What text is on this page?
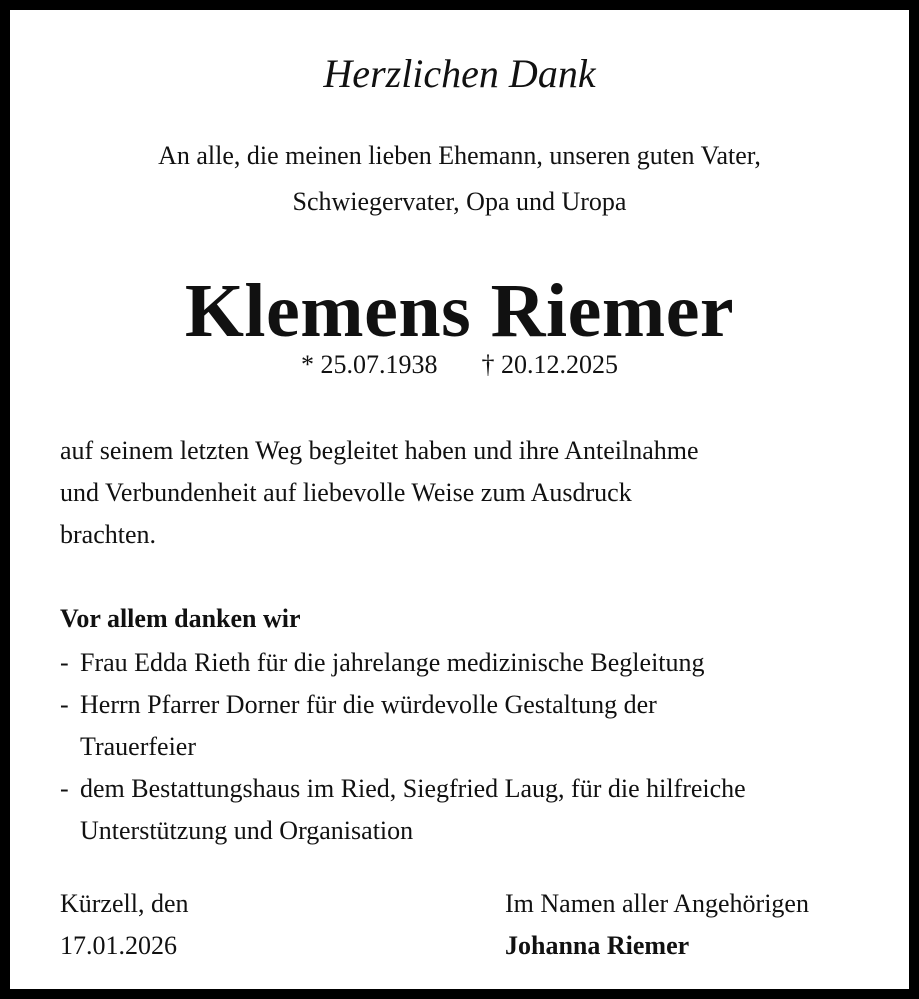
Herzlichen Dank
An alle, die meinen lieben Ehemann, unseren guten Vater,
Schwiegervater, Opa und Uropa
Klemens Riemer
* 25.07.1938 † 20.12.2025
auf seinem letzten Weg begleitet haben und ihre Anteilnahme
und Verbundenheit auf liebevolle Weise zum Ausdruck
brachten.
Vor allem danken wir
- Frau Edda Rieth für die jahrelange medizinische Begleitung
- Herrn Pfarrer Dorner für die würdevolle Gestaltung der
Trauerfeier
- dem Bestattungshaus im Ried, Siegfried Laug, für die hilfreiche
Unterstützung und Organisation
Kürzell, den
17.01.2026
Im Namen aller Angehörigen
Johanna Riemer
